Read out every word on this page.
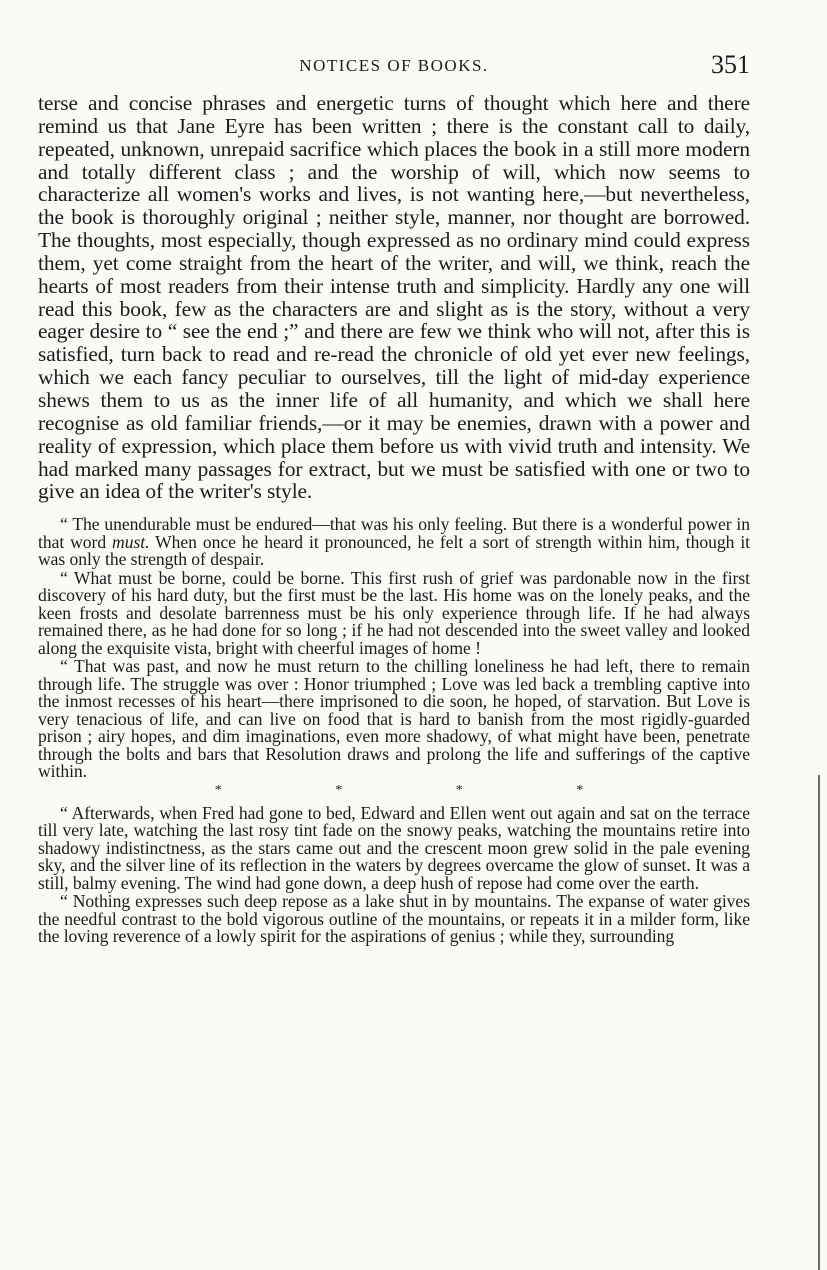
NOTICES OF BOOKS.	351

terse and concise phrases and energetic turns of thought which here and there remind us that Jane Eyre has been written ; there is the constant call to daily, repeated, unknown, unrepaid sacrifice which places the book in a still more modern and totally different class ; and the worship of will, which now seems to characterize all women's works and lives, is not wanting here,—but nevertheless, the book is thoroughly original ; neither style, manner, nor thought are borrowed. The thoughts, most especially, though expressed as no ordinary mind could express them, yet come straight from the heart of the writer, and will, we think, reach the hearts of most readers from their intense truth and simplicity. Hardly any one will read this book, few as the characters are and slight as is the story, without a very eager desire to “ see the end ;” and there are few we think who will not, after this is satisfied, turn back to read and re-read the chronicle of old yet ever new feelings, which we each fancy peculiar to ourselves, till the light of mid-day experience shews them to us as the inner life of all humanity, and which we shall here recognise as old familiar friends,—or it may be enemies, drawn with a power and reality of expression, which place them before us with vivid truth and intensity. We had marked many passages for extract, but we must be satisfied with one or two to give an idea of the writer's style.

“ The unendurable must be endured—that was his only feeling. But there is a wonderful power in that word must. When once he heard it pronounced, he felt a sort of strength within him, though it was only the strength of despair.

“ What must be borne, could be borne. This first rush of grief was pardonable now in the first discovery of his hard duty, but the first must be the last. His home was on the lonely peaks, and the keen frosts and desolate barrenness must be his only experience through life. If he had always remained there, as he had done for so long ; if he had not descended into the sweet valley and looked along the exquisite vista, bright with cheerful images of home !

“ That was past, and now he must return to the chilling loneliness he had left, there to remain through life. The struggle was over : Honor triumphed ; Love was led back a trembling captive into the inmost recesses of his heart—there imprisoned to die soon, he hoped, of starvation. But Love is very tenacious of life, and can live on food that is hard to banish from the most rigidly-guarded prison ; airy hopes, and dim imaginations, even more shadowy, of what might have been, penetrate through the bolts and bars that Resolution draws and prolong the life and sufferings of the captive within.

*	*	*	*

“ Afterwards, when Fred had gone to bed, Edward and Ellen went out again and sat on the terrace till very late, watching the last rosy tint fade on the snowy peaks, watching the mountains retire into shadowy indistinctness, as the stars came out and the crescent moon grew solid in the pale evening sky, and the silver line of its reflection in the waters by degrees overcame the glow of sunset. It was a still, balmy evening. The wind had gone down, a deep hush of repose had come over the earth.

“ Nothing expresses such deep repose as a lake shut in by mountains. The expanse of water gives the needful contrast to the bold vigorous outline of the mountains, or repeats it in a milder form, like the loving reverence of a lowly spirit for the aspirations of genius ; while they, surrounding
